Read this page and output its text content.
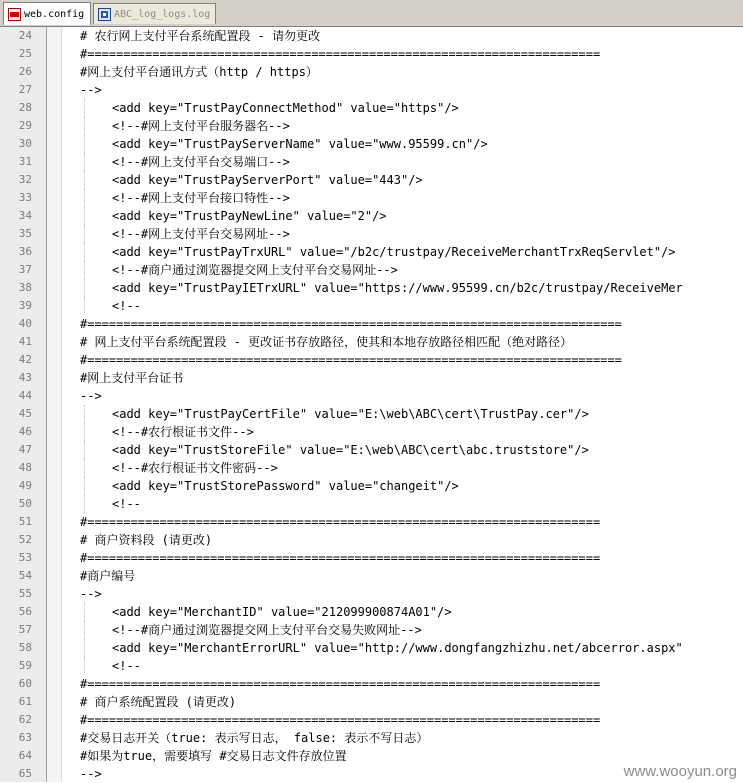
web.config	ABC_log_logs.log
24	# 农行网上支付平台系统配置段 - 请勿更改
25	#=======================================================================
26	#网上支付平台通讯方式（http / https）
27	-->
28	<add key="TrustPayConnectMethod" value="https"/>
29	<!--#网上支付平台服务器名-->
30	<add key="TrustPayServerName" value="www.95599.cn"/>
31	<!--#网上支付平台交易端口-->
32	<add key="TrustPayServerPort" value="443"/>
33	<!--#网上支付平台接口特性-->
34	<add key="TrustPayNewLine" value="2"/>
35	<!--#网上支付平台交易网址-->
36	<add key="TrustPayTrxURL" value="/b2c/trustpay/ReceiveMerchantTrxReqServlet"/>
37	<!--#商户通过浏览器提交网上支付平台交易网址-->
38	<add key="TrustPayIETrxURL" value="https://www.95599.cn/b2c/trustpay/ReceiveMer
39	<!--
40	#==========================================================================
41	# 网上支付平台系统配置段 - 更改证书存放路径，使其和本地存放路径相匹配（绝对路径）
42	#==========================================================================
43	#网上支付平台证书
44	-->
45	<add key="TrustPayCertFile" value="E:\web\ABC\cert\TrustPay.cer"/>
46	<!--#农行根证书文件-->
47	<add key="TrustStoreFile" value="E:\web\ABC\cert\abc.truststore"/>
48	<!--#农行根证书文件密码-->
49	<add key="TrustStorePassword" value="changeit"/>
50	<!--
51	#=======================================================================
52	# 商户资料段 (请更改)
53	#=======================================================================
54	#商户编号
55	-->
56	<add key="MerchantID" value="212099900874A01"/>
57	<!--#商户通过浏览器提交网上支付平台交易失败网址-->
58	<add key="MerchantErrorURL" value="http://www.dongfangzhizhu.net/abcerror.aspx"
59	<!--
60	#=======================================================================
61	# 商户系统配置段 (请更改)
62	#=======================================================================
63	#交易日志开关（true: 表示写日志， false: 表示不写日志）
64	#如果为true，需要填写 #交易日志文件存放位置
65	-->	www.wooyun.org
